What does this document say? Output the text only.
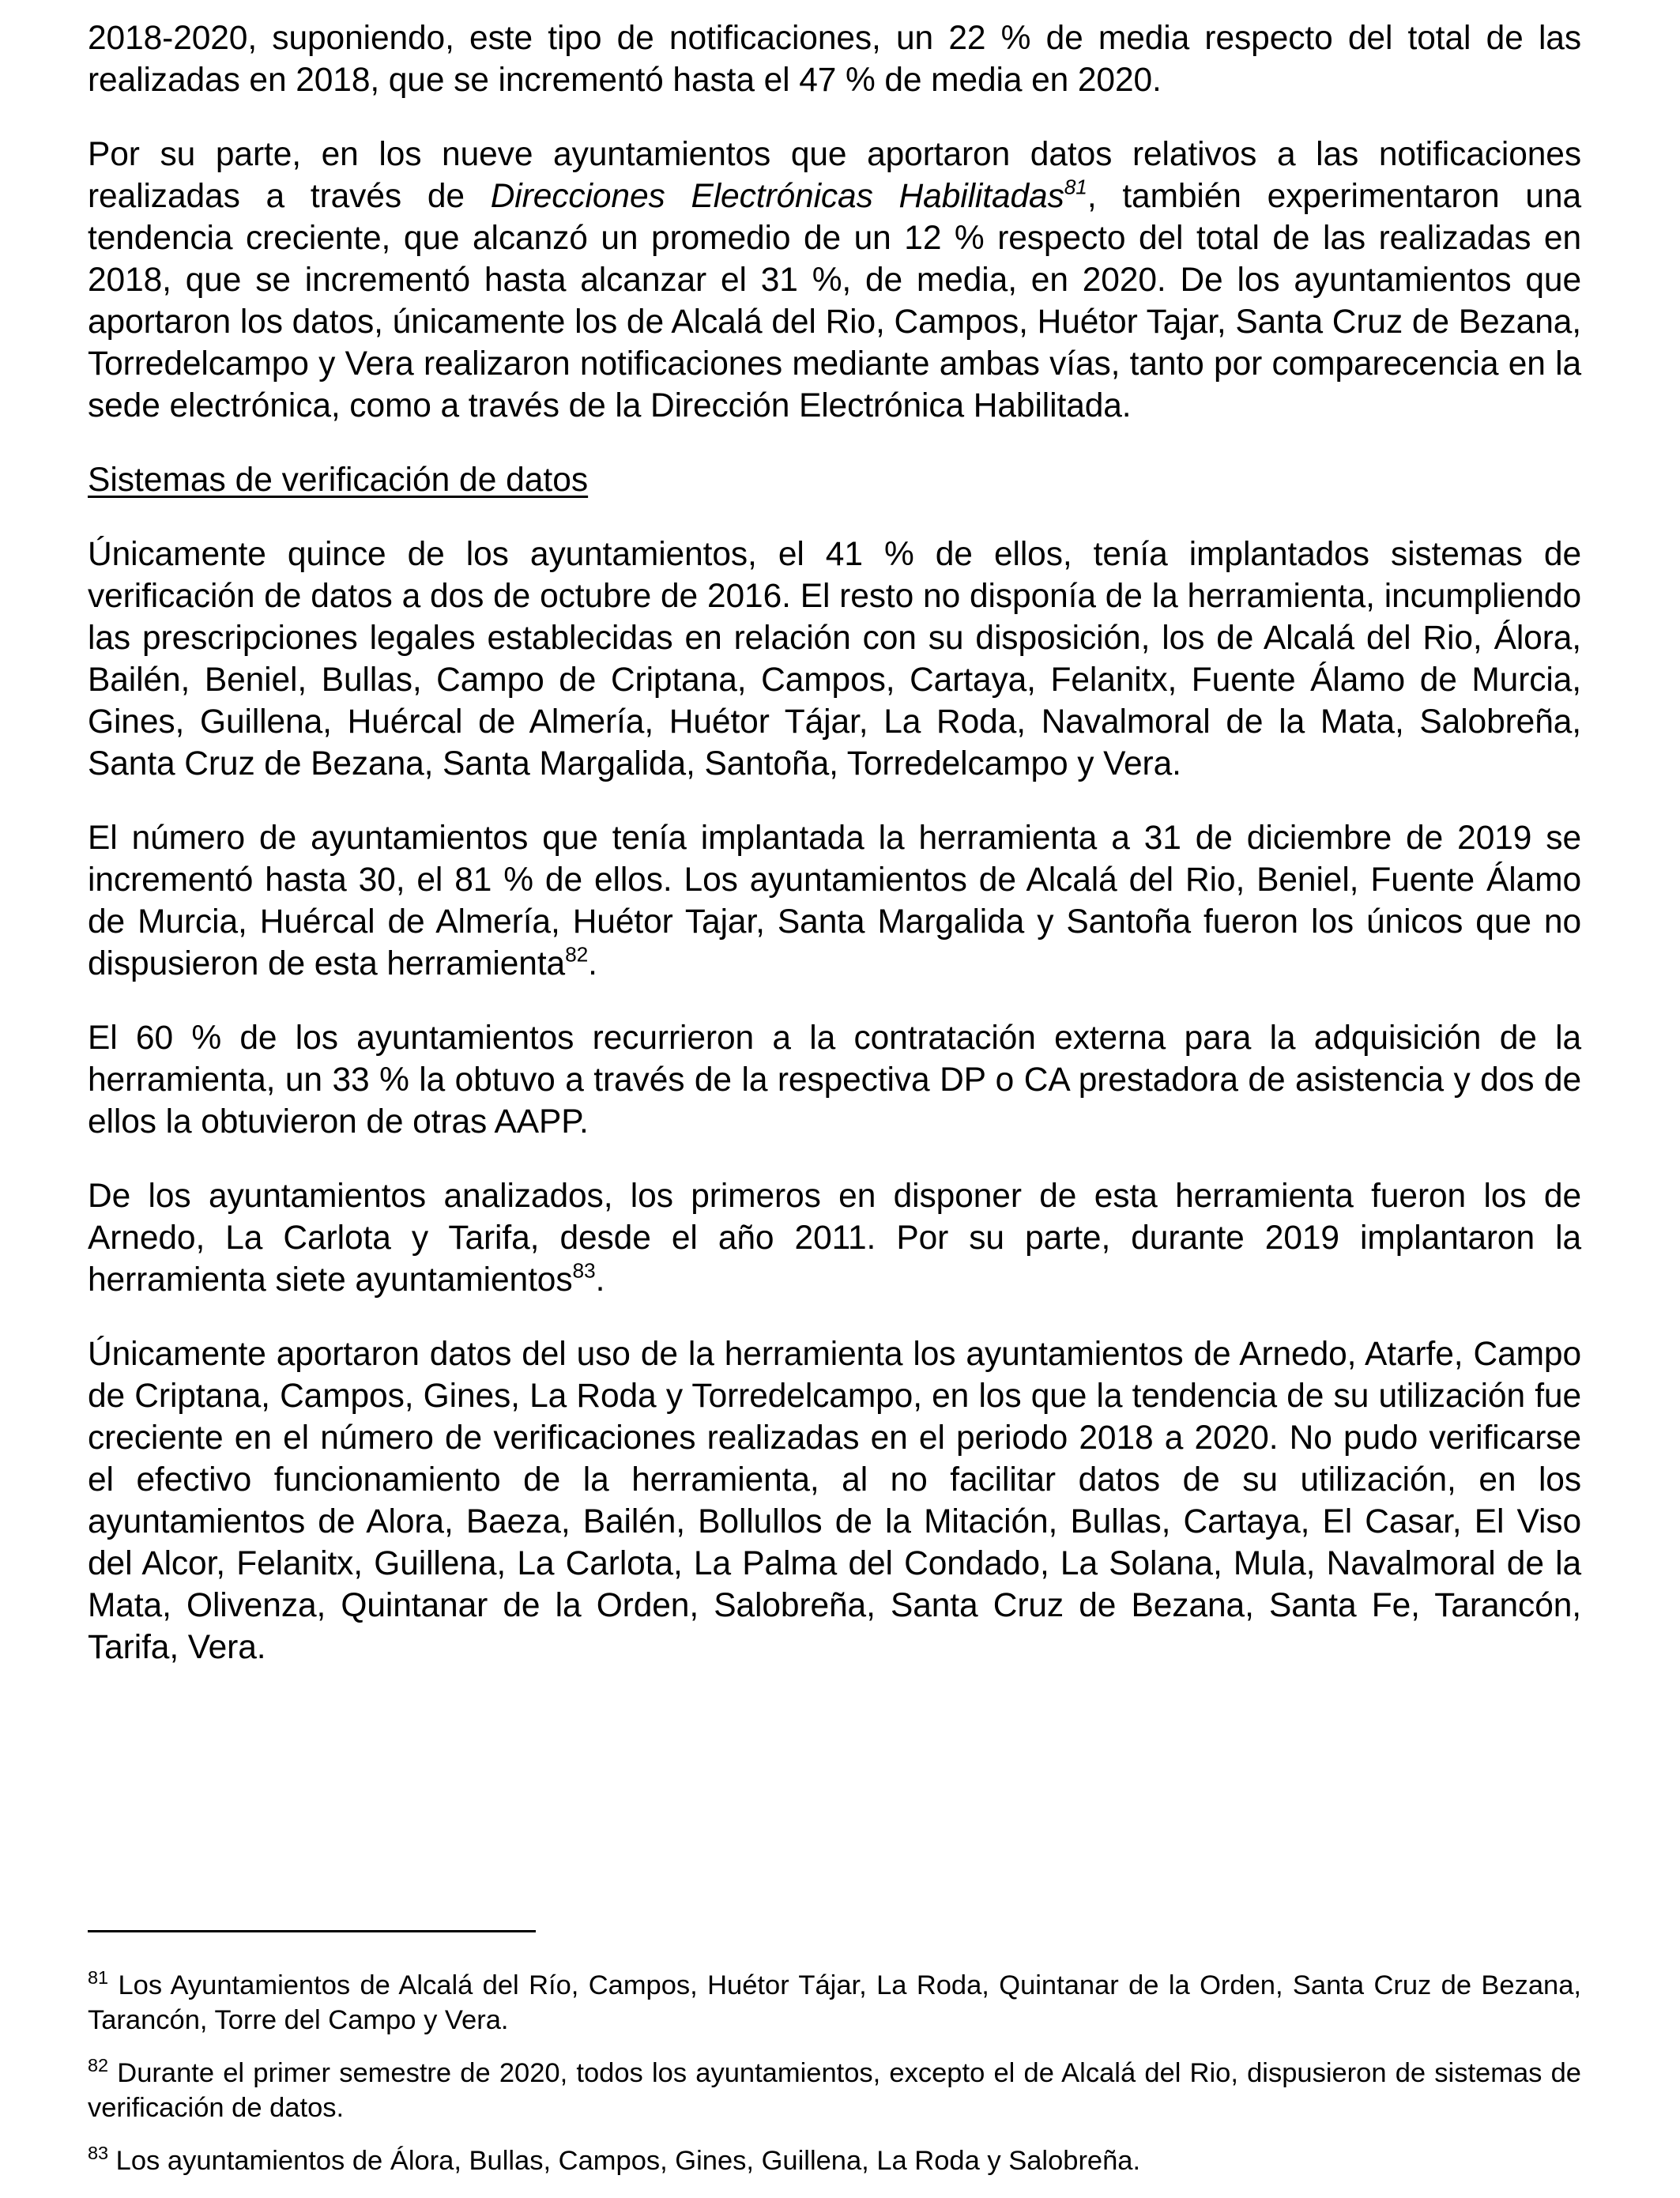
2018-2020, suponiendo, este tipo de notificaciones, un 22 % de media respecto del total de las realizadas en 2018, que se incrementó hasta el 47 % de media en 2020.

Por su parte, en los nueve ayuntamientos que aportaron datos relativos a las notificaciones realizadas a través de Direcciones Electrónicas Habilitadas$^{81}$, también experimentaron una tendencia creciente, que alcanzó un promedio de un 12 % respecto del total de las realizadas en 2018, que se incrementó hasta alcanzar el 31 %, de media, en 2020. De los ayuntamientos que aportaron los datos, únicamente los de Alcalá del Rio, Campos, Huétor Tajar, Santa Cruz de Bezana, Torredelcampo y Vera realizaron notificaciones mediante ambas vías, tanto por comparecencia en la sede electrónica, como a través de la Dirección Electrónica Habilitada.

Sistemas de verificación de datos

Únicamente quince de los ayuntamientos, el 41 % de ellos, tenía implantados sistemas de verificación de datos a dos de octubre de 2016. El resto no disponía de la herramienta, incumpliendo las prescripciones legales establecidas en relación con su disposición, los de Alcalá del Rio, Álora, Bailén, Beniel, Bullas, Campo de Criptana, Campos, Cartaya, Felanitx, Fuente Álamo de Murcia, Gines, Guillena, Huércal de Almería, Huétor Tájar, La Roda, Navalmoral de la Mata, Salobreña, Santa Cruz de Bezana, Santa Margalida, Santoña, Torredelcampo y Vera.

El número de ayuntamientos que tenía implantada la herramienta a 31 de diciembre de 2019 se incrementó hasta 30, el 81 % de ellos. Los ayuntamientos de Alcalá del Rio, Beniel, Fuente Álamo de Murcia, Huércal de Almería, Huétor Tajar, Santa Margalida y Santoña fueron los únicos que no dispusieron de esta herramienta$^{82}$.

El 60 % de los ayuntamientos recurrieron a la contratación externa para la adquisición de la herramienta, un 33 % la obtuvo a través de la respectiva DP o CA prestadora de asistencia y dos de ellos la obtuvieron de otras AAPP.

De los ayuntamientos analizados, los primeros en disponer de esta herramienta fueron los de Arnedo, La Carlota y Tarifa, desde el año 2011. Por su parte, durante 2019 implantaron la herramienta siete ayuntamientos$^{83}$.

Únicamente aportaron datos del uso de la herramienta los ayuntamientos de Arnedo, Atarfe, Campo de Criptana, Campos, Gines, La Roda y Torredelcampo, en los que la tendencia de su utilización fue creciente en el número de verificaciones realizadas en el periodo 2018 a 2020. No pudo verificarse el efectivo funcionamiento de la herramienta, al no facilitar datos de su utilización, en los ayuntamientos de Alora, Baeza, Bailén, Bollullos de la Mitación, Bullas, Cartaya, El Casar, El Viso del Alcor, Felanitx, Guillena, La Carlota, La Palma del Condado, La Solana, Mula, Navalmoral de la Mata, Olivenza, Quintanar de la Orden, Salobreña, Santa Cruz de Bezana, Santa Fe, Tarancón, Tarifa, Vera.

$^{81}$ Los Ayuntamientos de Alcalá del Río, Campos, Huétor Tájar, La Roda, Quintanar de la Orden, Santa Cruz de Bezana, Tarancón, Torre del Campo y Vera.

$^{82}$ Durante el primer semestre de 2020, todos los ayuntamientos, excepto el de Alcalá del Rio, dispusieron de sistemas de verificación de datos.

$^{83}$ Los ayuntamientos de Álora, Bullas, Campos, Gines, Guillena, La Roda y Salobreña.
